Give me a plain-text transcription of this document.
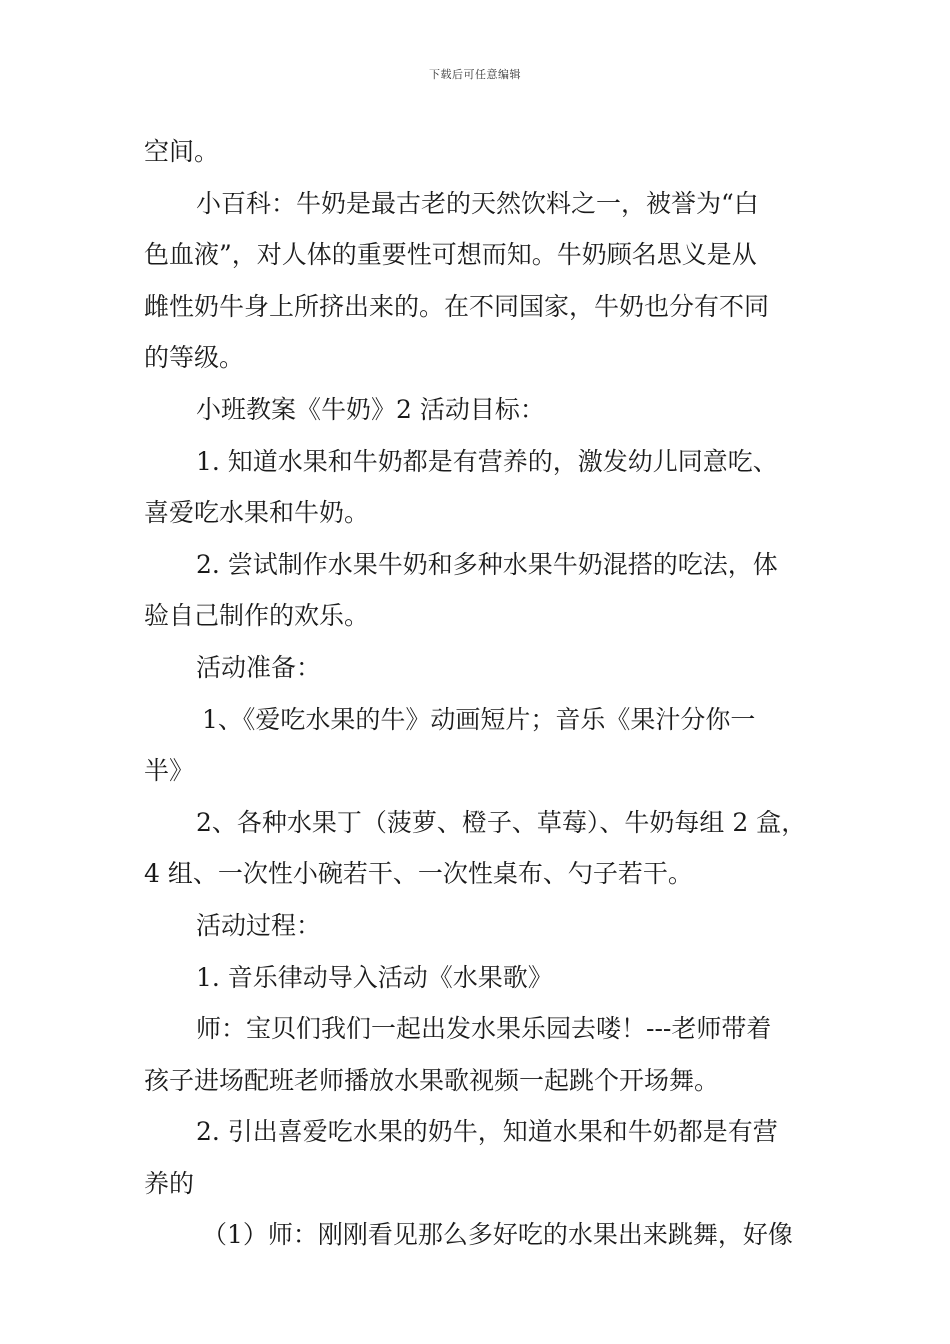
下载后可任意编辑
空间。
小百科：牛奶是最古老的天然饮料之一，被誉为“白
色血液”，对人体的重要性可想而知。牛奶顾名思义是从
雌性奶牛身上所挤出来的。在不同国家，牛奶也分有不同
的等级。
小班教案《牛奶》2 活动目标：
1. 知道水果和牛奶都是有营养的，激发幼儿同意吃、
喜爱吃水果和牛奶。
2. 尝试制作水果牛奶和多种水果牛奶混搭的吃法，体
验自己制作的欢乐。
活动准备：
1、《爱吃水果的牛》动画短片；音乐《果汁分你一
半》
2、各种水果丁（菠萝、橙子、草莓）、牛奶每组 2 盒，
4 组、一次性小碗若干、一次性桌布、勺子若干。
活动过程：
1. 音乐律动导入活动《水果歌》
师：宝贝们我们一起出发水果乐园去喽！---老师带着
孩子进场配班老师播放水果歌视频一起跳个开场舞。
2. 引出喜爱吃水果的奶牛，知道水果和牛奶都是有营
养的
（1）师：刚刚看见那么多好吃的水果出来跳舞，好像
